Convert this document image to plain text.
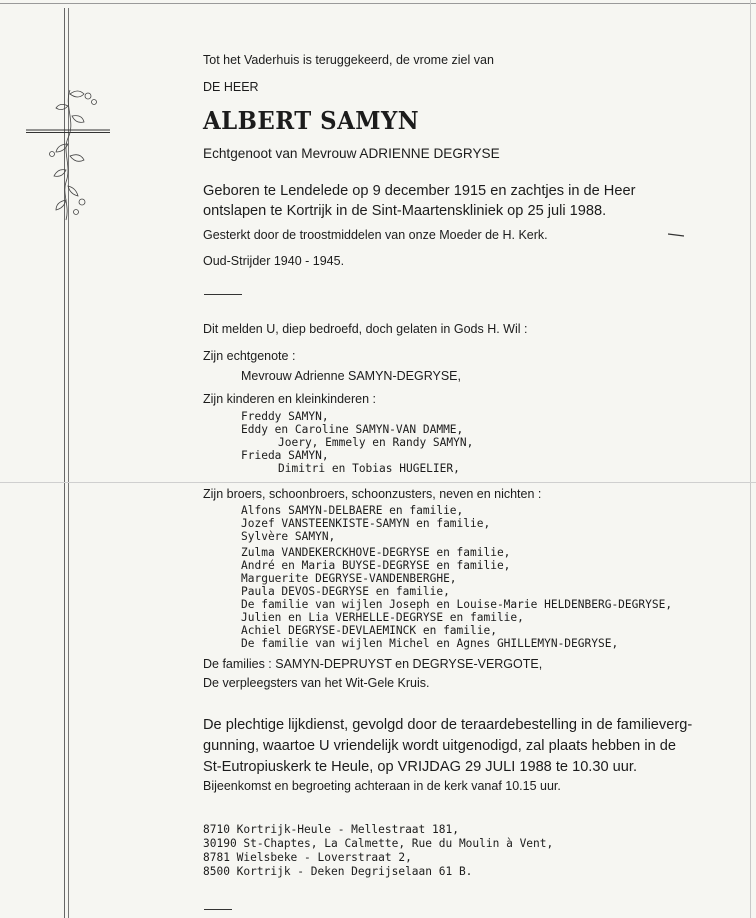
Tot het Vaderhuis is teruggekeerd, de vrome ziel van
DE HEER
ALBERT SAMYN
Echtgenoot van Mevrouw ADRIENNE DEGRYSE
Geboren te Lendelede op 9 december 1915 en zachtjes in de Heer
ontslapen te Kortrijk in de Sint-Maartenskliniek op 25 juli 1988.
Gesterkt door de troostmiddelen van onze Moeder de H. Kerk.
Oud-Strijder 1940 - 1945.
Dit melden U, diep bedroefd, doch gelaten in Gods H. Wil :
Zijn echtgenote :
Mevrouw Adrienne SAMYN-DEGRYSE,
Zijn kinderen en kleinkinderen :
Freddy SAMYN,
Eddy en Caroline SAMYN-VAN DAMME,
Joery, Emmely en Randy SAMYN,
Frieda SAMYN,
Dimitri en Tobias HUGELIER,
Zijn broers, schoonbroers, schoonzusters, neven en nichten :
Alfons SAMYN-DELBAERE en familie,
Jozef VANSTEENKISTE-SAMYN en familie,
Sylvère SAMYN,
Zulma VANDEKERCKHOVE-DEGRYSE en familie,
André en Maria BUYSE-DEGRYSE en familie,
Marguerite DEGRYSE-VANDENBERGHE,
Paula DEVOS-DEGRYSE en familie,
De familie van wijlen Joseph en Louise-Marie HELDENBERG-DEGRYSE,
Julien en Lia VERHELLE-DEGRYSE en familie,
Achiel DEGRYSE-DEVLAEMINCK en familie,
De familie van wijlen Michel en Agnes GHILLEMYN-DEGRYSE,
De families : SAMYN-DEPRUYST en DEGRYSE-VERGOTE,
De verpleegsters van het Wit-Gele Kruis.
De plechtige lijkdienst, gevolgd door de teraardebestelling in de familieverg-
gunning, waartoe U vriendelijk wordt uitgenodigd, zal plaats hebben in de
St-Eutropiuskerk te Heule, op VRIJDAG 29 JULI 1988 te 10.30 uur.
Bijeenkomst en begroeting achteraan in de kerk vanaf 10.15 uur.
8710 Kortrijk-Heule - Mellestraat 181,
30190 St-Chaptes, La Calmette, Rue du Moulin à Vent,
8781 Wielsbeke - Loverstraat 2,
8500 Kortrijk - Deken Degrijselaan 61 B.
